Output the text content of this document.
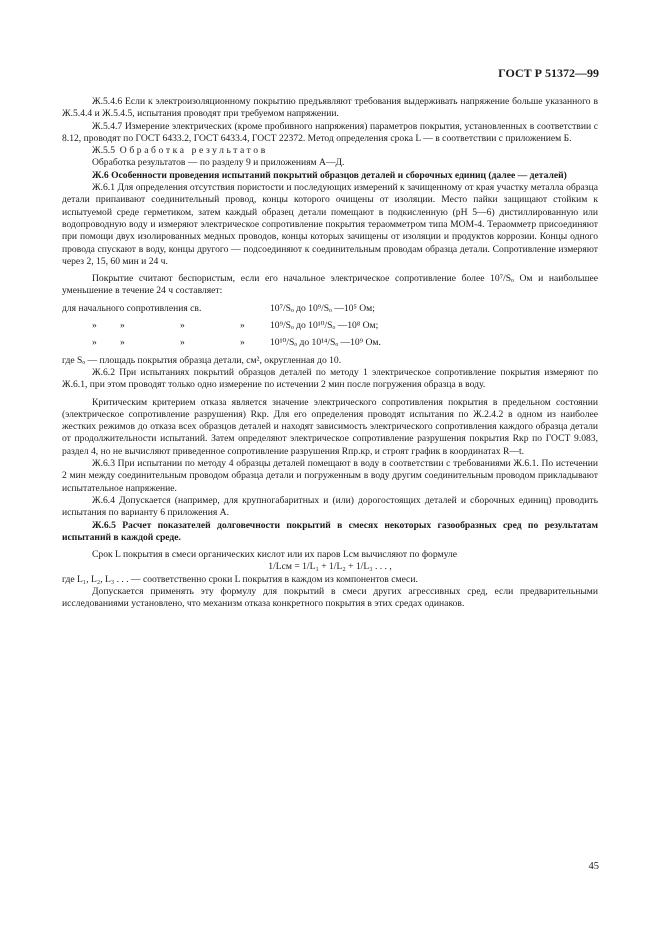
ГОСТ Р 51372—99

Ж.5.4.6 Если к электроизоляционному покрытию предъявляют требования выдерживать напряжение больше указанного в Ж.5.4.4 и Ж.5.4.5, испытания проводят при требуемом напряжении.

Ж.5.4.7 Измерение электрических (кроме пробивного напряжения) параметров покрытия, установленных в соответствии с 8.12, проводят по ГОСТ 6433.2, ГОСТ 6433.4, ГОСТ 22372. Метод определения срока L — в соответствии с приложением Б.

Ж.5.5 Обработка результатов

Обработка результатов — по разделу 9 и приложениям А—Д.

Ж.6 Особенности проведения испытаний покрытий образцов деталей и сборочных единиц (далее — деталей)

Ж.6.1 Для определения отсутствия пористости и последующих измерений к зачищенному от края участку металла образца детали припаивают соединительный провод, концы которого очищены от изоляции. Место пайки защищают стойким к испытуемой среде герметиком, затем каждый образец детали помещают в подкисленную (рН 5—6) дистиллированную или водопроводную воду и измеряют электрическое сопротивление покрытия тераомметром типа МОМ-4. Тераомметр присоединяют при помощи двух изолированных медных проводов, концы которых зачищены от изоляции и продуктов коррозии. Концы одного провода спускают в воду, концы другого — подсоединяют к соединительным проводам образца детали. Сопротивление измеряют через 2, 15, 60 мин и 24 ч.

Покрытие считают беспористым, если его начальное электрическое сопротивление более 10⁷/Sₒ Ом и наибольшее уменьшение в течение 24 ч составляет:

для начального сопротивления св.	10⁷/Sₒ до 10⁹/Sₒ —10⁵ Ом;
»	»	»	»	10⁹/Sₒ до 10¹⁰/Sₒ —10⁸ Ом;
»	»	»	»	10¹⁰/Sₒ до 10¹⁴/Sₒ —10⁹ Ом.

где Sₒ — площадь покрытия образца детали, см², округленная до 10.

Ж.6.2 При испытаниях покрытий образцов деталей по методу 1 электрическое сопротивление покрытия измеряют по Ж.6.1, при этом проводят только одно измерение по истечении 2 мин после погружения образца в воду.

Критическим критерием отказа является значение электрического сопротивления покрытия в предельном состоянии (электрическое сопротивление разрушения) Rкр. Для его определения проводят испытания по Ж.2.4.2 в одном из наиболее жестких режимов до отказа всех образцов деталей и находят зависимость электрического сопротивления каждого образца детали от продолжительности испытаний. Затем определяют электрическое сопротивление разрушения покрытия Rкр по ГОСТ 9.083, раздел 4, но не вычисляют приведенное сопротивление разрушения Rпр.кр, и строят график в координатах R—t.

Ж.6.3 При испытании по методу 4 образцы деталей помещают в воду в соответствии с требованиями Ж.6.1. По истечении 2 мин между соединительным проводом образца детали и погруженным в воду другим соединительным проводом прикладывают испытательное напряжение.

Ж.6.4 Допускается (например, для крупногабаритных и (или) дорогостоящих деталей и сборочных единиц) проводить испытания по варианту 6 приложения А.

Ж.6.5 Расчет показателей долговечности покрытий в смесях некоторых газообразных сред по результатам испытаний в каждой среде.

Срок L покрытия в смеси органических кислот или их паров Lсм вычисляют по формуле

1/Lсм = 1/L₁ + 1/L₂ + 1/L₃ . . . ,

где L₁, L₂, L₃ . . . — соответственно сроки L покрытия в каждом из компонентов смеси.

Допускается применять эту формулу для покрытий в смеси других агрессивных сред, если предварительными исследованиями установлено, что механизм отказа конкретного покрытия в этих средах одинаков.

45
